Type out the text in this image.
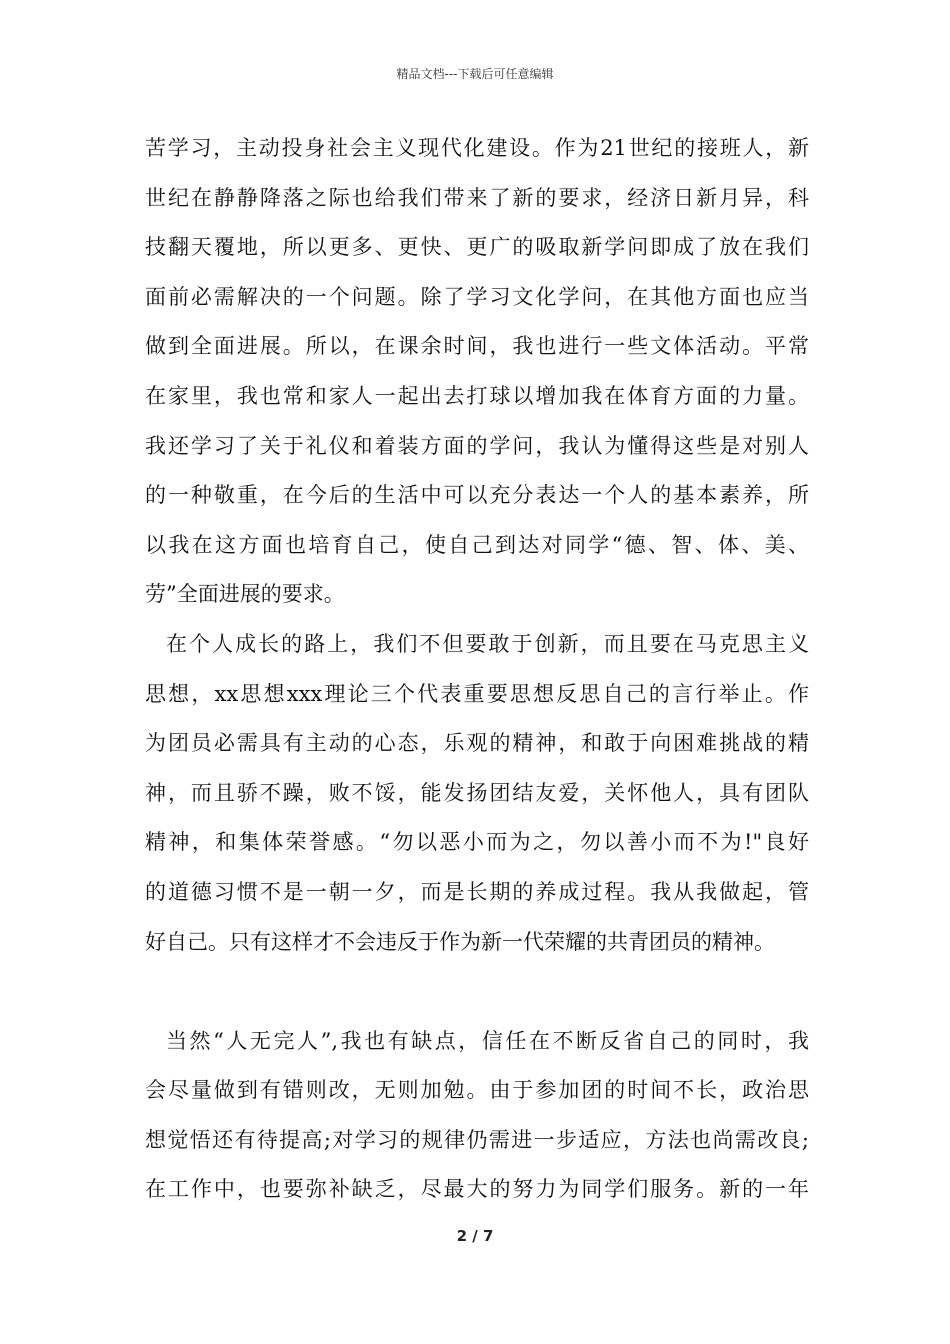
精品文档---下载后可任意编辑
苦学习，主动投身社会主义现代化建设。作为21世纪的接班人，新
世纪在静静降落之际也给我们带来了新的要求，经济日新月异，科
技翻天覆地，所以更多、更快、更广的吸取新学问即成了放在我们
面前必需解决的一个问题。除了学习文化学问，在其他方面也应当
做到全面进展。所以，在课余时间，我也进行一些文体活动。平常
在家里，我也常和家人一起出去打球以增加我在体育方面的力量。
我还学习了关于礼仪和着装方面的学问，我认为懂得这些是对别人
的一种敬重，在今后的生活中可以充分表达一个人的基本素养，所
以我在这方面也培育自己，使自己到达对同学“德、智、体、美、
劳”全面进展的要求。
在个人成长的路上，我们不但要敢于创新，而且要在马克思主义
思想，xx思想xxx理论三个代表重要思想反思自己的言行举止。作
为团员必需具有主动的心态，乐观的精神，和敢于向困难挑战的精
神，而且骄不躁，败不馁，能发扬团结友爱，关怀他人，具有团队
精神，和集体荣誉感。“勿以恶小而为之，勿以善小而不为!"良好
的道德习惯不是一朝一夕，而是长期的养成过程。我从我做起，管
好自己。只有这样才不会违反于作为新一代荣耀的共青团员的精神。
当然“人无完人”,我也有缺点，信任在不断反省自己的同时，我
会尽量做到有错则改，无则加勉。由于参加团的时间不长，政治思
想觉悟还有待提高;对学习的规律仍需进一步适应，方法也尚需改良;
在工作中，也要弥补缺乏，尽最大的努力为同学们服务。新的一年
2 / 7
